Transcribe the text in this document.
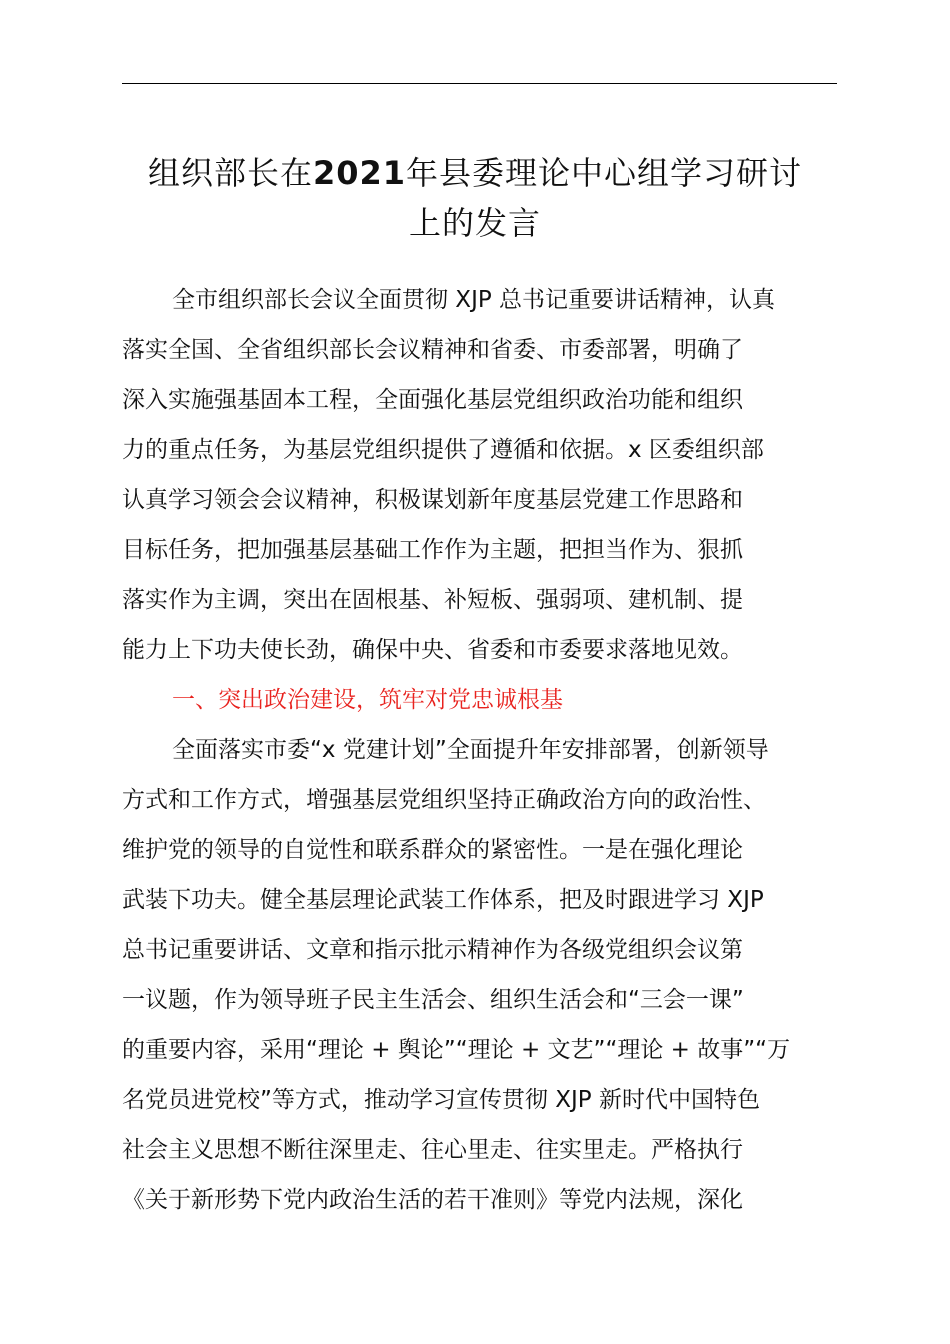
组织部长在2021年县委理论中心组学习研讨
上的发言
全市组织部长会议全面贯彻 XJP 总书记重要讲话精神，认真
落实全国、全省组织部长会议精神和省委、市委部署，明确了
深入实施强基固本工程，全面强化基层党组织政治功能和组织
力的重点任务，为基层党组织提供了遵循和依据。x 区委组织部
认真学习领会会议精神，积极谋划新年度基层党建工作思路和
目标任务，把加强基层基础工作作为主题，把担当作为、狠抓
落实作为主调，突出在固根基、补短板、强弱项、建机制、提
能力上下功夫使长劲，确保中央、省委和市委要求落地见效。
一、突出政治建设，筑牢对党忠诚根基
全面落实市委“x 党建计划”全面提升年安排部署，创新领导
方式和工作方式，增强基层党组织坚持正确政治方向的政治性、
维护党的领导的自觉性和联系群众的紧密性。一是在强化理论
武装下功夫。健全基层理论武装工作体系，把及时跟进学习 XJP
总书记重要讲话、文章和指示批示精神作为各级党组织会议第
一议题，作为领导班子民主生活会、组织生活会和“三会一课”
的重要内容，采用“理论 + 舆论”“理论 + 文艺”“理论 + 故事”“万
名党员进党校”等方式，推动学习宣传贯彻 XJP 新时代中国特色
社会主义思想不断往深里走、往心里走、往实里走。严格执行
《关于新形势下党内政治生活的若干准则》等党内法规，深化
